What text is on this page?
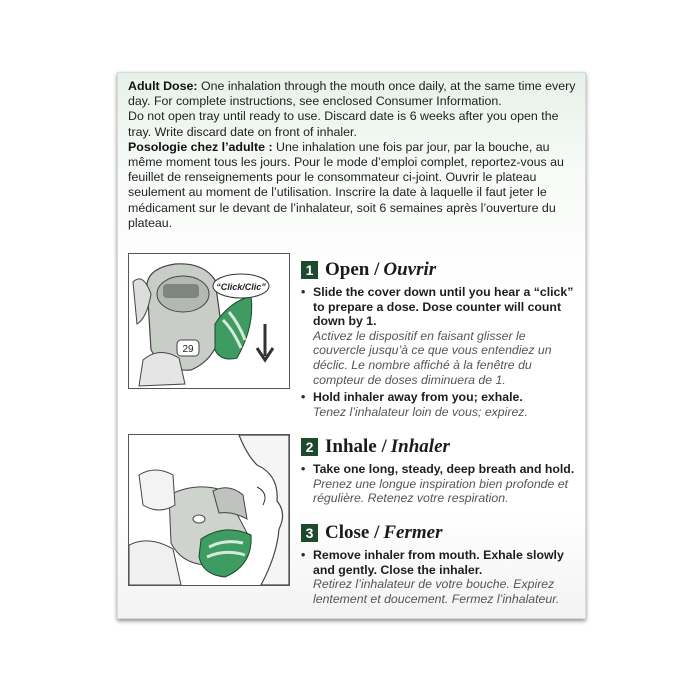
Adult Dose: One inhalation through the mouth once daily, at the same time every day. For complete instructions, see enclosed Consumer Information.

Do not open tray until ready to use. Discard date is 6 weeks after you open the tray. Write discard date on front of inhaler.

Posologie chez l’adulte : Une inhalation une fois par jour, par la bouche, au même moment tous les jours. Pour le mode d’emploi complet, reportez-vous au feuillet de renseignements pour le consommateur ci-joint. Ouvrir le plateau seulement au moment de l’utilisation. Inscrire la date à laquelle il faut jeter le médicament sur le devant de l’inhalateur, soit 6 semaines après l’ouverture du plateau.

29
“Click/Clic”
1 Open / Ouvrir
• Slide the cover down until you hear a “click” to prepare a dose. Dose counter will count down by 1.
Activez le dispositif en faisant glisser le couvercle jusqu’à ce que vous entendiez un déclic. Le nombre affiché à la fenêtre du compteur de doses diminuera de 1.
• Hold inhaler away from you; exhale.
Tenez l’inhalateur loin de vous; expirez.
2 Inhale / Inhaler
• Take one long, steady, deep breath and hold.
Prenez une longue inspiration bien profonde et régulière. Retenez votre respiration.
3 Close / Fermer
• Remove inhaler from mouth. Exhale slowly and gently. Close the inhaler.
Retirez l’inhalateur de votre bouche. Expirez lentement et doucement. Fermez l’inhalateur.
